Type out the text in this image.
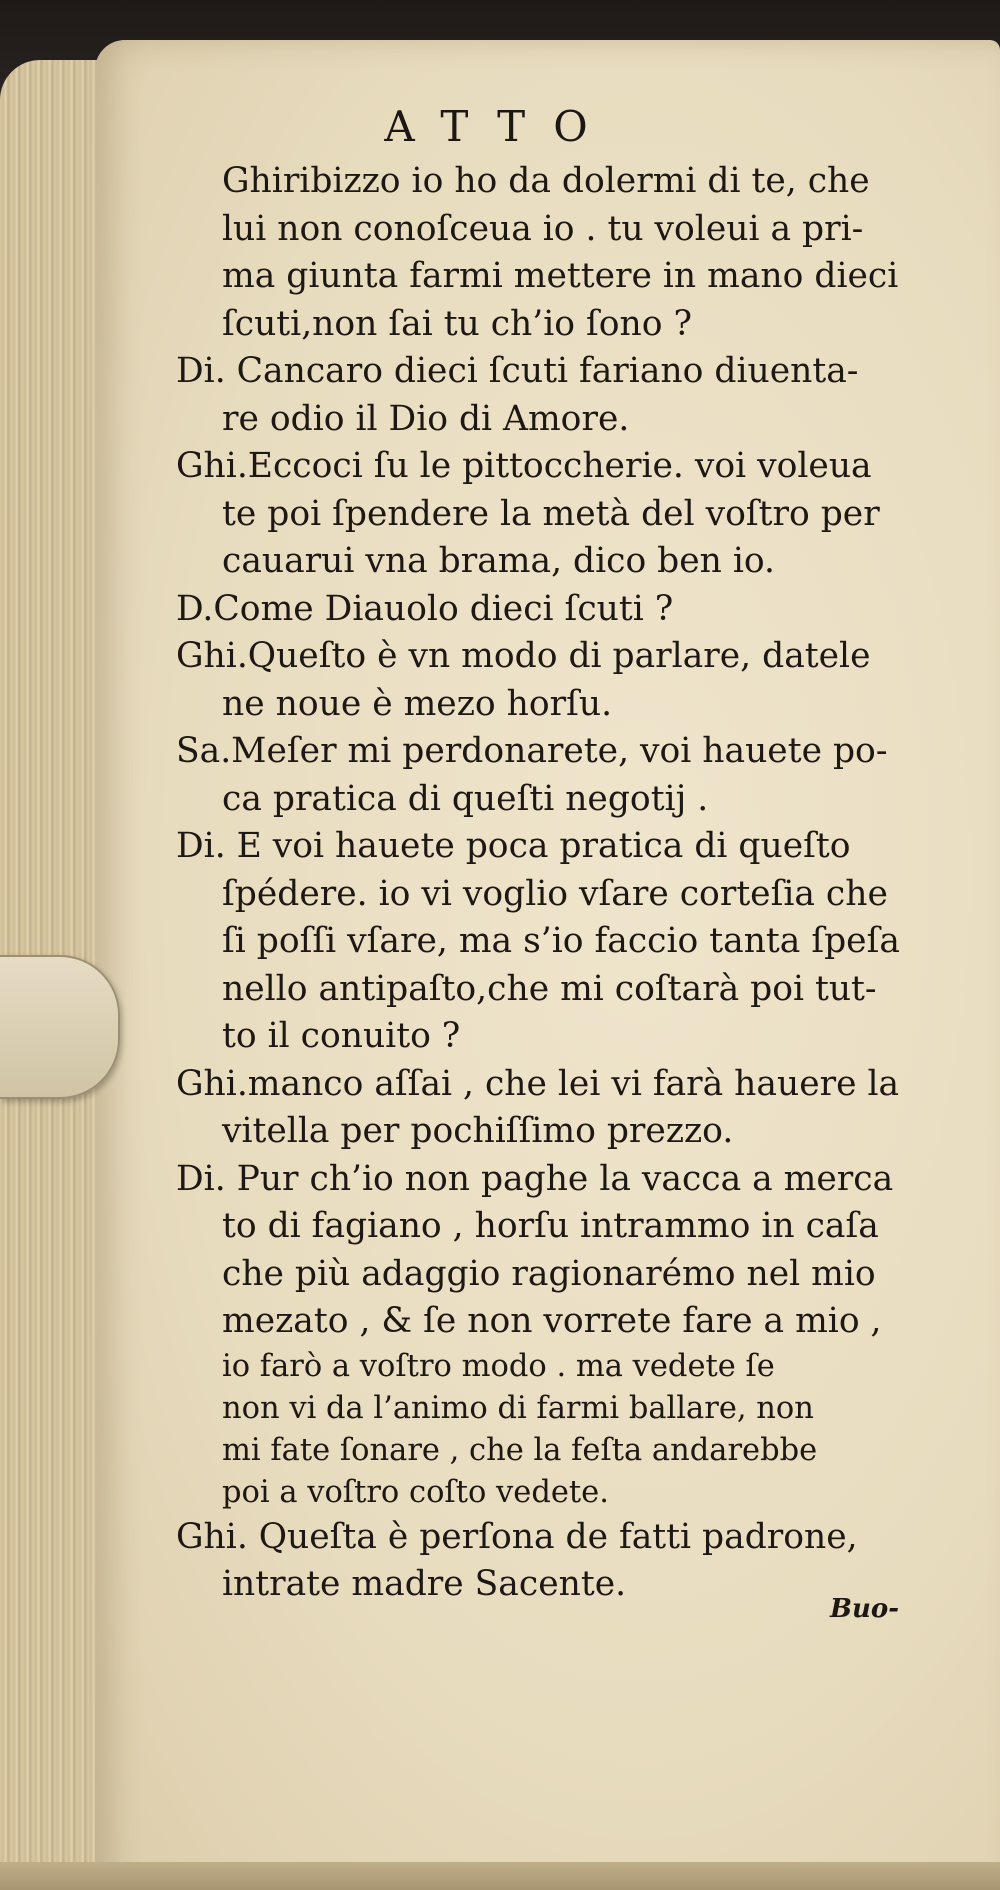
ATTO
Ghiribizzo io ho da dolermi di te, che
lui non conoſceua io . tu voleui a pri-
ma giunta farmi mettere in mano dieci
ſcuti,non ſai tu ch’io ſono ?
Di. Cancaro dieci ſcuti fariano diuenta-
re odio il Dio di Amore.
Ghi.Eccoci ſu le pittoccherie. voi voleua
te poi ſpendere la metà del voſtro per
cauarui vna brama, dico ben io.
D.Come Diauolo dieci ſcuti ?
Ghi.Queſto è vn modo di parlare, datele
ne noue è mezo horſu.
Sa.Meſer mi perdonarete, voi hauete po-
ca pratica di queſti negotij .
Di. E voi hauete poca pratica di queſto
ſpédere. io vi voglio vſare corteſia che
ſi poſſi vſare, ma s’io faccio tanta ſpeſa
nello antipaſto,che mi coſtarà poi tut-
to il conuito ?
Ghi.manco aſſai , che lei vi farà hauere la
vitella per pochiſſimo prezzo.
Di. Pur ch’io non paghe la vacca a merca
to di fagiano , horſu intrammo in caſa
che più adaggio ragionarémo nel mio
mezato , & ſe non vorrete fare a mio ,
io farò a voſtro modo . ma vedete ſe
non vi da l’animo di farmi ballare, non
mi fate ſonare , che la feſta andarebbe
poi a voſtro coſto vedete.
Ghi. Queſta è perſona de fatti padrone,
intrate madre Sacente.
Buo-
